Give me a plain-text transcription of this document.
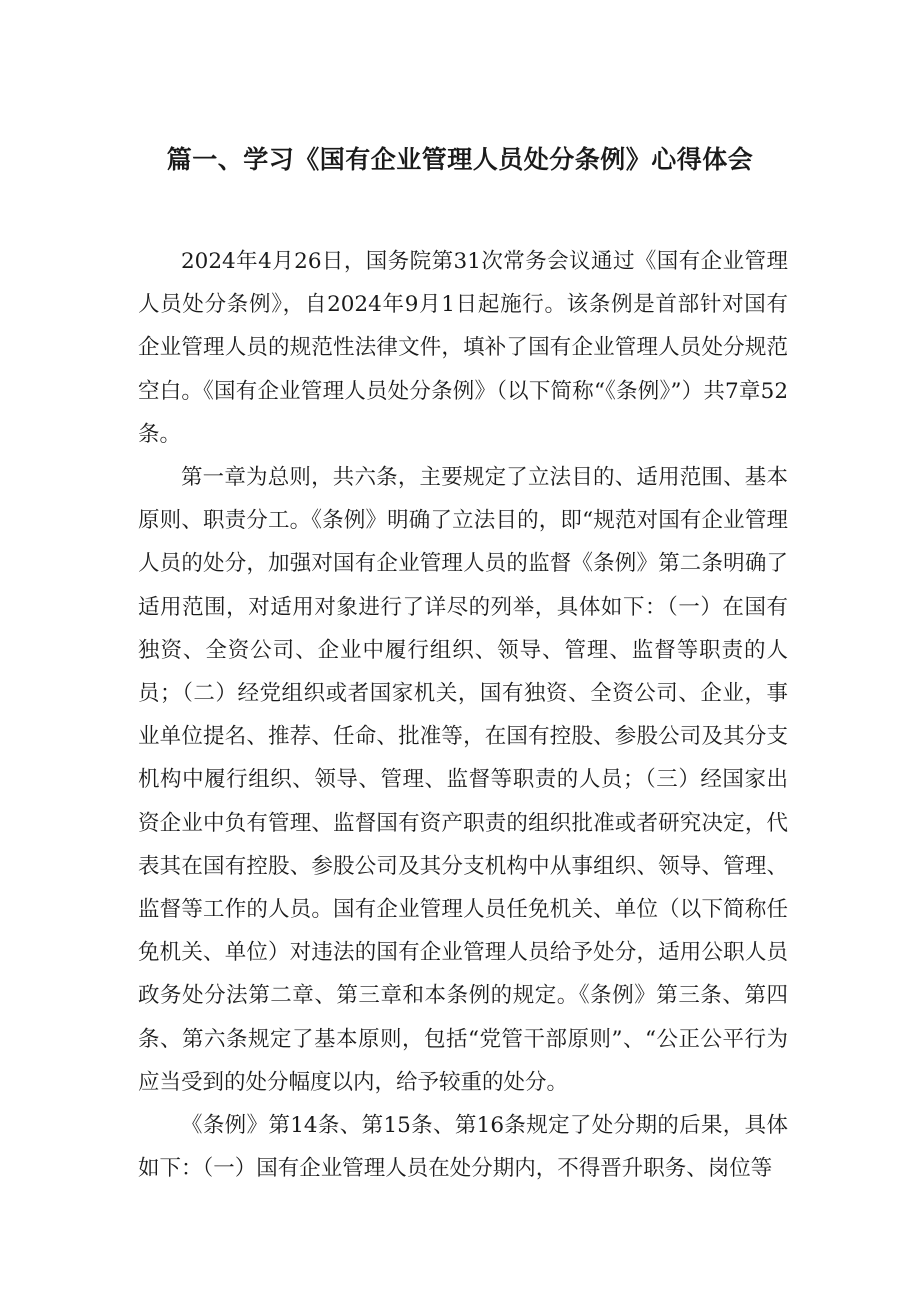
篇一、学习《国有企业管理人员处分条例》心得体会

2024年4月26日，国务院第31次常务会议通过《国有企业管理人员处分条例》，自2024年9月1日起施行。该条例是首部针对国有企业管理人员的规范性法律文件，填补了国有企业管理人员处分规范空白。《国有企业管理人员处分条例》（以下简称“《条例》”）共7章52条。

第一章为总则，共六条，主要规定了立法目的、适用范围、基本原则、职责分工。《条例》明确了立法目的，即“规范对国有企业管理人员的处分，加强对国有企业管理人员的监督《条例》第二条明确了适用范围，对适用对象进行了详尽的列举，具体如下：（一）在国有独资、全资公司、企业中履行组织、领导、管理、监督等职责的人员；（二）经党组织或者国家机关，国有独资、全资公司、企业，事业单位提名、推荐、任命、批准等，在国有控股、参股公司及其分支机构中履行组织、领导、管理、监督等职责的人员；（三）经国家出资企业中负有管理、监督国有资产职责的组织批准或者研究决定，代表其在国有控股、参股公司及其分支机构中从事组织、领导、管理、监督等工作的人员。国有企业管理人员任免机关、单位（以下简称任免机关、单位）对违法的国有企业管理人员给予处分，适用公职人员政务处分法第二章、第三章和本条例的规定。《条例》第三条、第四条、第六条规定了基本原则，包括“党管干部原则”、“公正公平行为应当受到的处分幅度以内，给予较重的处分。

《条例》第14条、第15条、第16条规定了处分期的后果，具体如下：（一）国有企业管理人员在处分期内，不得晋升职务、岗位等
